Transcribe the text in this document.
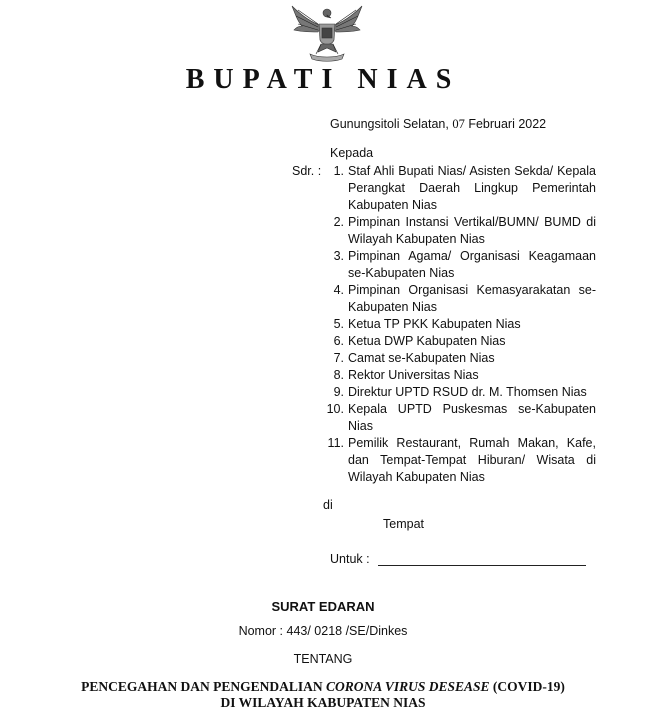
BUPATI NIAS
Gunungsitoli Selatan, 07 Februari 2022
Kepada
Sdr. : 1. Staf Ahli Bupati Nias/ Asisten Sekda/ Kepala Perangkat Daerah Lingkup Pemerintah Kabupaten Nias
2. Pimpinan Instansi Vertikal/BUMN/ BUMD di Wilayah Kabupaten Nias
3. Pimpinan Agama/ Organisasi Keagamaan se-Kabupaten Nias
4. Pimpinan Organisasi Kemasyarakatan se-Kabupaten Nias
5. Ketua TP PKK Kabupaten Nias
6. Ketua DWP Kabupaten Nias
7. Camat se-Kabupaten Nias
8. Rektor Universitas Nias
9. Direktur UPTD RSUD dr. M. Thomsen Nias
10. Kepala UPTD Puskesmas se-Kabupaten Nias
11. Pemilik Restaurant, Rumah Makan, Kafe, dan Tempat-Tempat Hiburan/ Wisata di Wilayah Kabupaten Nias
di
Tempat
Untuk :
SURAT EDARAN
Nomor : 443/ 0218 /SE/Dinkes
TENTANG
PENCEGAHAN DAN PENGENDALIAN CORONA VIRUS DESEASE (COVID-19)
DI WILAYAH KABUPATEN NIAS
